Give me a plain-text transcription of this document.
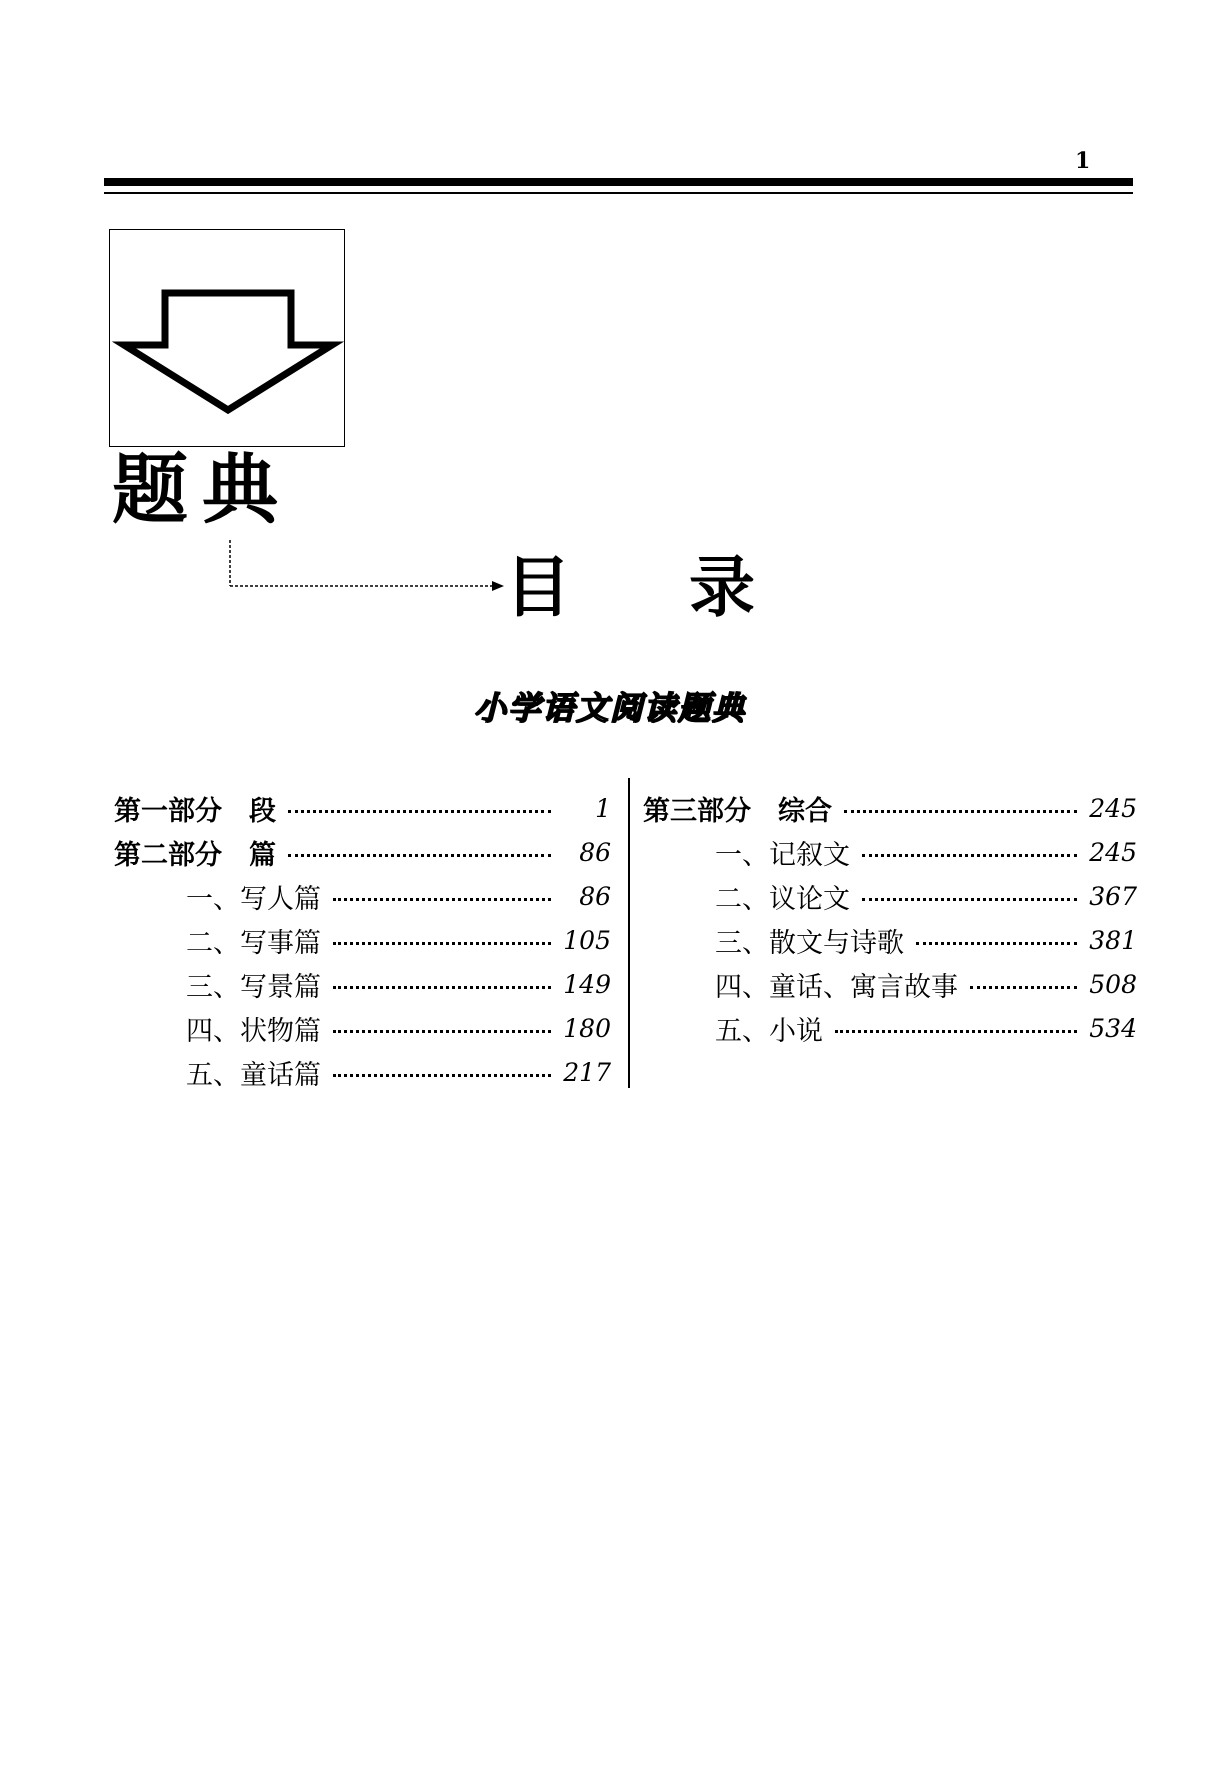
1
题典
目 录
小学语文阅读题典
第一部分　段	1
第二部分　篇	86
一、写人篇	86
二、写事篇	105
三、写景篇	149
四、状物篇	180
五、童话篇	217
第三部分　综合	245
一、记叙文	245
二、议论文	367
三、散文与诗歌	381
四、童话、寓言故事	508
五、小说	534
